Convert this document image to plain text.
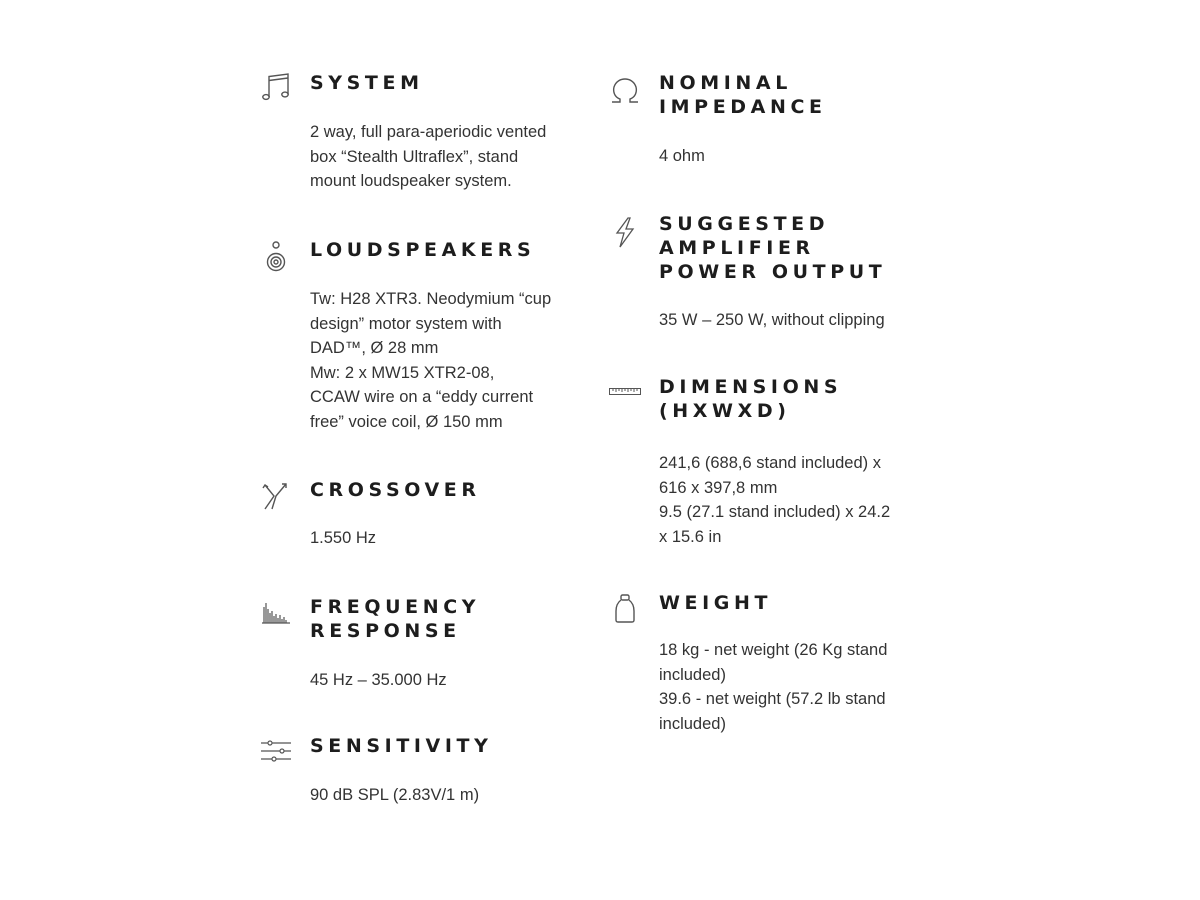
SYSTEM
2 way, full para-aperiodic vented
box “Stealth Ultraflex”, stand
mount loudspeaker system.
LOUDSPEAKERS
Tw: H28 XTR3. Neodymium “cup
design” motor system with
DAD™, Ø 28 mm
Mw: 2 x MW15 XTR2-08,
CCAW wire on a “eddy current
free” voice coil, Ø 150 mm
CROSSOVER
1.550 Hz
FREQUENCY
RESPONSE
45 Hz – 35.000 Hz
SENSITIVITY
90 dB SPL (2.83V/1 m)
NOMINAL
IMPEDANCE
4 ohm
SUGGESTED
AMPLIFIER
POWER OUTPUT
35 W – 250 W, without clipping
DIMENSIONS
(HXWXD)
241,6 (688,6 stand included) x
616 x 397,8 mm
9.5 (27.1 stand included) x 24.2
x 15.6 in
WEIGHT
18 kg - net weight (26 Kg stand
included)
39.6 - net weight (57.2 lb stand
included)
